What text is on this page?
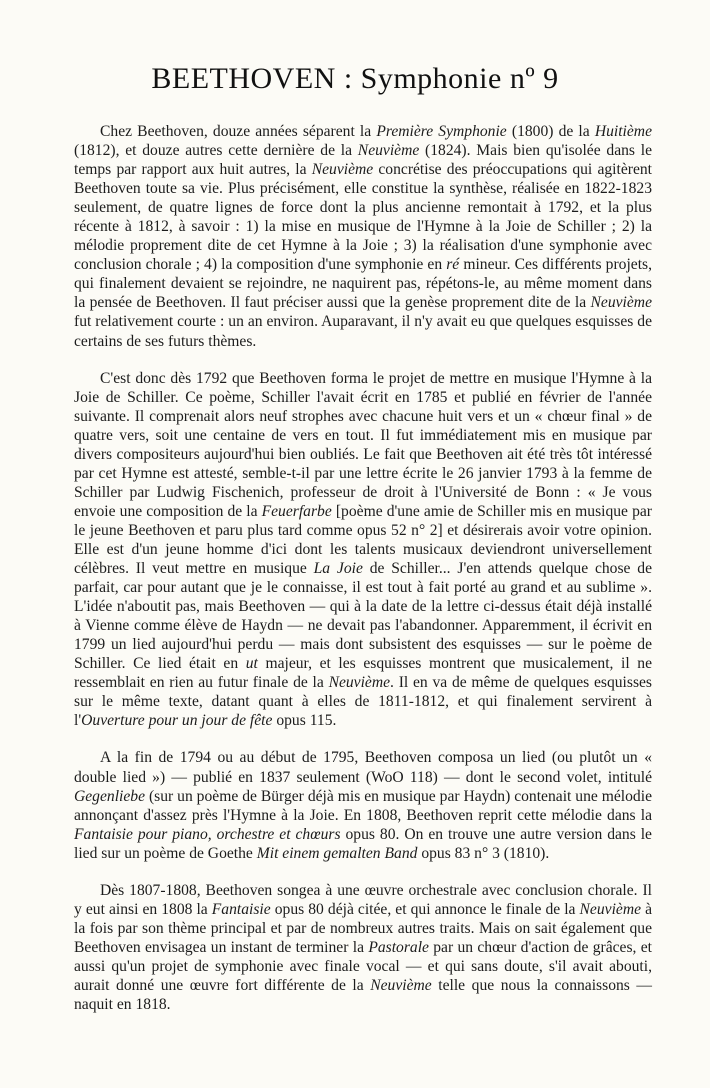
BEETHOVEN : Symphonie nº 9

Chez Beethoven, douze années séparent la Première Symphonie (1800) de la Huitième (1812), et douze autres cette dernière de la Neuvième (1824). Mais bien qu'isolée dans le temps par rapport aux huit autres, la Neuvième concrétise des préoccupations qui agitèrent Beethoven toute sa vie. Plus précisément, elle constitue la synthèse, réalisée en 1822-1823 seulement, de quatre lignes de force dont la plus ancienne remontait à 1792, et la plus récente à 1812, à savoir : 1) la mise en musique de l'Hymne à la Joie de Schiller ; 2) la mélodie proprement dite de cet Hymne à la Joie ; 3) la réalisation d'une symphonie avec conclusion chorale ; 4) la composition d'une symphonie en ré mineur. Ces différents projets, qui finalement devaient se rejoindre, ne naquirent pas, répétons-le, au même moment dans la pensée de Beethoven. Il faut préciser aussi que la genèse proprement dite de la Neuvième fut relativement courte : un an environ. Auparavant, il n'y avait eu que quelques esquisses de certains de ses futurs thèmes.

C'est donc dès 1792 que Beethoven forma le projet de mettre en musique l'Hymne à la Joie de Schiller. Ce poème, Schiller l'avait écrit en 1785 et publié en février de l'année suivante. Il comprenait alors neuf strophes avec chacune huit vers et un « chœur final » de quatre vers, soit une centaine de vers en tout. Il fut immédiatement mis en musique par divers compositeurs aujourd'hui bien oubliés. Le fait que Beethoven ait été très tôt intéressé par cet Hymne est attesté, semble-t-il par une lettre écrite le 26 janvier 1793 à la femme de Schiller par Ludwig Fischenich, professeur de droit à l'Université de Bonn : « Je vous envoie une composition de la Feuerfarbe [poème d'une amie de Schiller mis en musique par le jeune Beethoven et paru plus tard comme opus 52 n° 2] et désirerais avoir votre opinion. Elle est d'un jeune homme d'ici dont les talents musicaux deviendront universellement célèbres. Il veut mettre en musique La Joie de Schiller... J'en attends quelque chose de parfait, car pour autant que je le connaisse, il est tout à fait porté au grand et au sublime ». L'idée n'aboutit pas, mais Beethoven — qui à la date de la lettre ci-dessus était déjà installé à Vienne comme élève de Haydn — ne devait pas l'abandonner. Apparemment, il écrivit en 1799 un lied aujourd'hui perdu — mais dont subsistent des esquisses — sur le poème de Schiller. Ce lied était en ut majeur, et les esquisses montrent que musicalement, il ne ressemblait en rien au futur finale de la Neuvième. Il en va de même de quelques esquisses sur le même texte, datant quant à elles de 1811-1812, et qui finalement servirent à l'Ouverture pour un jour de fête opus 115.

A la fin de 1794 ou au début de 1795, Beethoven composa un lied (ou plutôt un « double lied ») — publié en 1837 seulement (WoO 118) — dont le second volet, intitulé Gegenliebe (sur un poème de Bürger déjà mis en musique par Haydn) contenait une mélodie annonçant d'assez près l'Hymne à la Joie. En 1808, Beethoven reprit cette mélodie dans la Fantaisie pour piano, orchestre et chœurs opus 80. On en trouve une autre version dans le lied sur un poème de Goethe Mit einem gemalten Band opus 83 n° 3 (1810).

Dès 1807-1808, Beethoven songea à une œuvre orchestrale avec conclusion chorale. Il y eut ainsi en 1808 la Fantaisie opus 80 déjà citée, et qui annonce le finale de la Neuvième à la fois par son thème principal et par de nombreux autres traits. Mais on sait également que Beethoven envisagea un instant de terminer la Pastorale par un chœur d'action de grâces, et aussi qu'un projet de symphonie avec finale vocal — et qui sans doute, s'il avait abouti, aurait donné une œuvre fort différente de la Neuvième telle que nous la connaissons — naquit en 1818.
